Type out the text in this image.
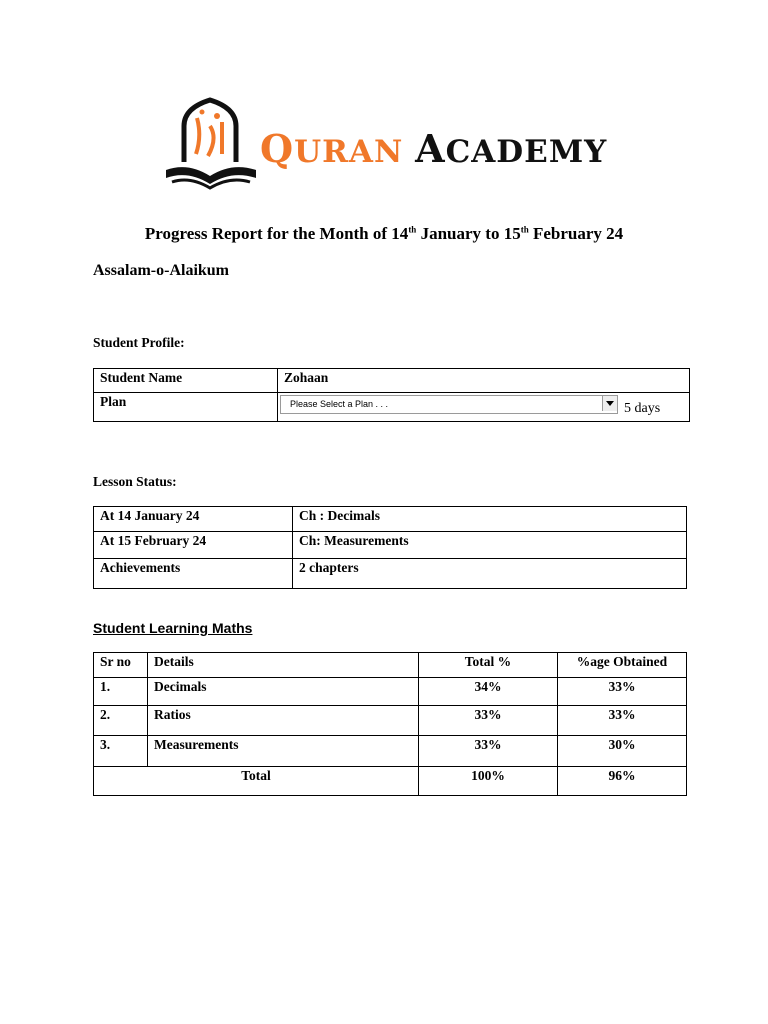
QURAN ACADEMY
Progress Report for the Month of 14th January to 15th February 24
Assalam-o-Alaikum
Student Profile:
Student Name	Zohaan
Plan	Please Select a Plan . . .	5 days
Lesson Status:
At 14 January 24	Ch : Decimals
At 15 February 24	Ch: Measurements
Achievements	2 chapters
Student Learning Maths
Sr no	Details	Total %	%age Obtained
1.	Decimals	34%	33%
2.	Ratios	33%	33%
3.	Measurements	33%	30%
Total		100%	96%
